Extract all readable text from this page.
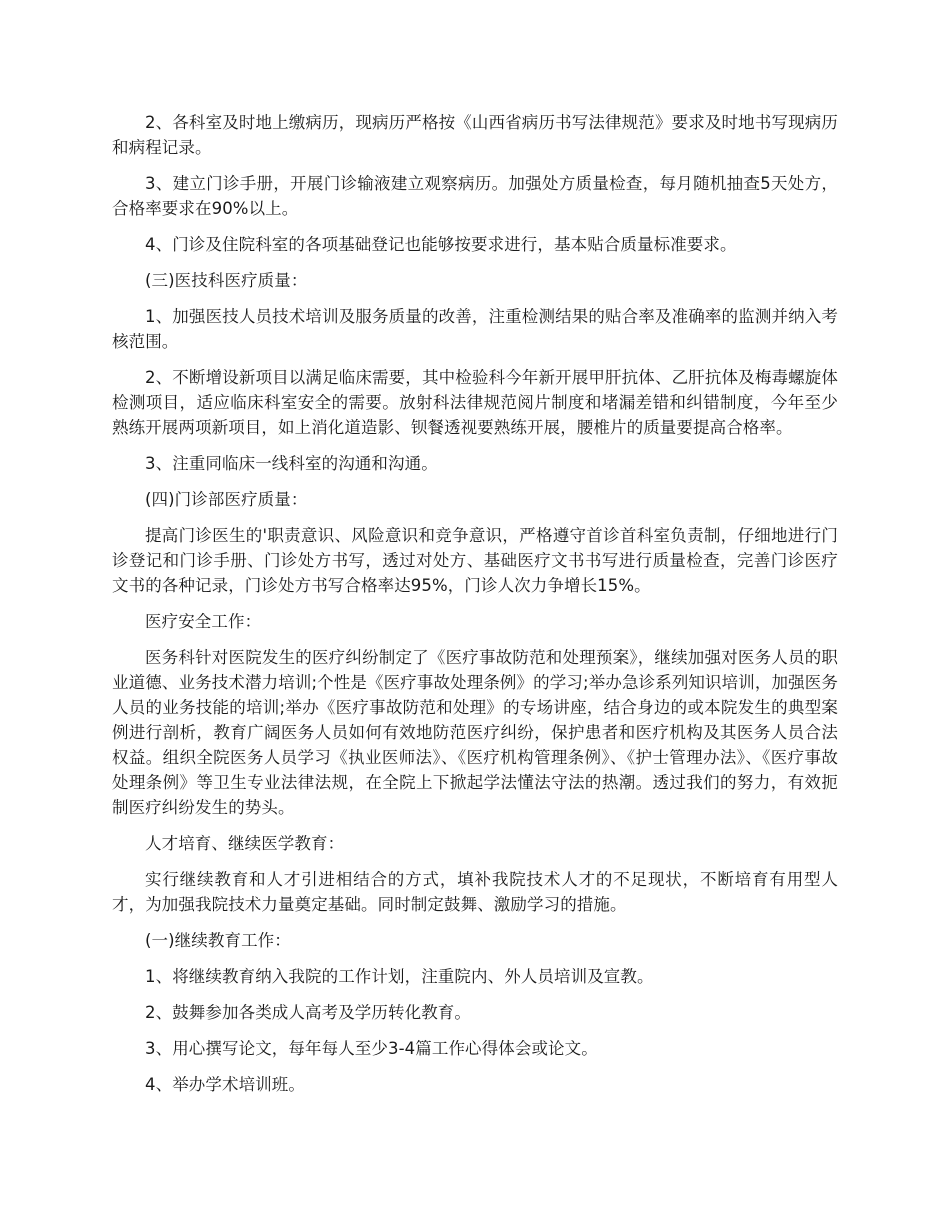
2、各科室及时地上缴病历，现病历严格按《山西省病历书写法律规范》要求及时地书写现病历和病程记录。

3、建立门诊手册，开展门诊输液建立观察病历。加强处方质量检查，每月随机抽查5天处方，合格率要求在90%以上。

4、门诊及住院科室的各项基础登记也能够按要求进行，基本贴合质量标准要求。

(三)医技科医疗质量：

1、加强医技人员技术培训及服务质量的改善，注重检测结果的贴合率及准确率的监测并纳入考核范围。

2、不断增设新项目以满足临床需要，其中检验科今年新开展甲肝抗体、乙肝抗体及梅毒螺旋体检测项目，适应临床科室安全的需要。放射科法律规范阅片制度和堵漏差错和纠错制度，今年至少熟练开展两项新项目，如上消化道造影、钡餐透视要熟练开展，腰椎片的质量要提高合格率。

3、注重同临床一线科室的沟通和沟通。

(四)门诊部医疗质量：

提高门诊医生的'职责意识、风险意识和竞争意识，严格遵守首诊首科室负责制，仔细地进行门诊登记和门诊手册、门诊处方书写，透过对处方、基础医疗文书书写进行质量检查，完善门诊医疗文书的各种记录，门诊处方书写合格率达95%，门诊人次力争增长15%。

医疗安全工作：

医务科针对医院发生的医疗纠纷制定了《医疗事故防范和处理预案》，继续加强对医务人员的职业道德、业务技术潜力培训;个性是《医疗事故处理条例》的学习;举办急诊系列知识培训，加强医务人员的业务技能的培训;举办《医疗事故防范和处理》的专场讲座，结合身边的或本院发生的典型案例进行剖析，教育广阔医务人员如何有效地防范医疗纠纷，保护患者和医疗机构及其医务人员合法权益。组织全院医务人员学习《执业医师法》、《医疗机构管理条例》、《护士管理办法》、《医疗事故处理条例》等卫生专业法律法规，在全院上下掀起学法懂法守法的热潮。透过我们的努力，有效扼制医疗纠纷发生的势头。

人才培育、继续医学教育：

实行继续教育和人才引进相结合的方式，填补我院技术人才的不足现状，不断培育有用型人才，为加强我院技术力量奠定基础。同时制定鼓舞、激励学习的措施。

(一)继续教育工作：

1、将继续教育纳入我院的工作计划，注重院内、外人员培训及宣教。

2、鼓舞参加各类成人高考及学历转化教育。

3、用心撰写论文，每年每人至少3-4篇工作心得体会或论文。

4、举办学术培训班。
